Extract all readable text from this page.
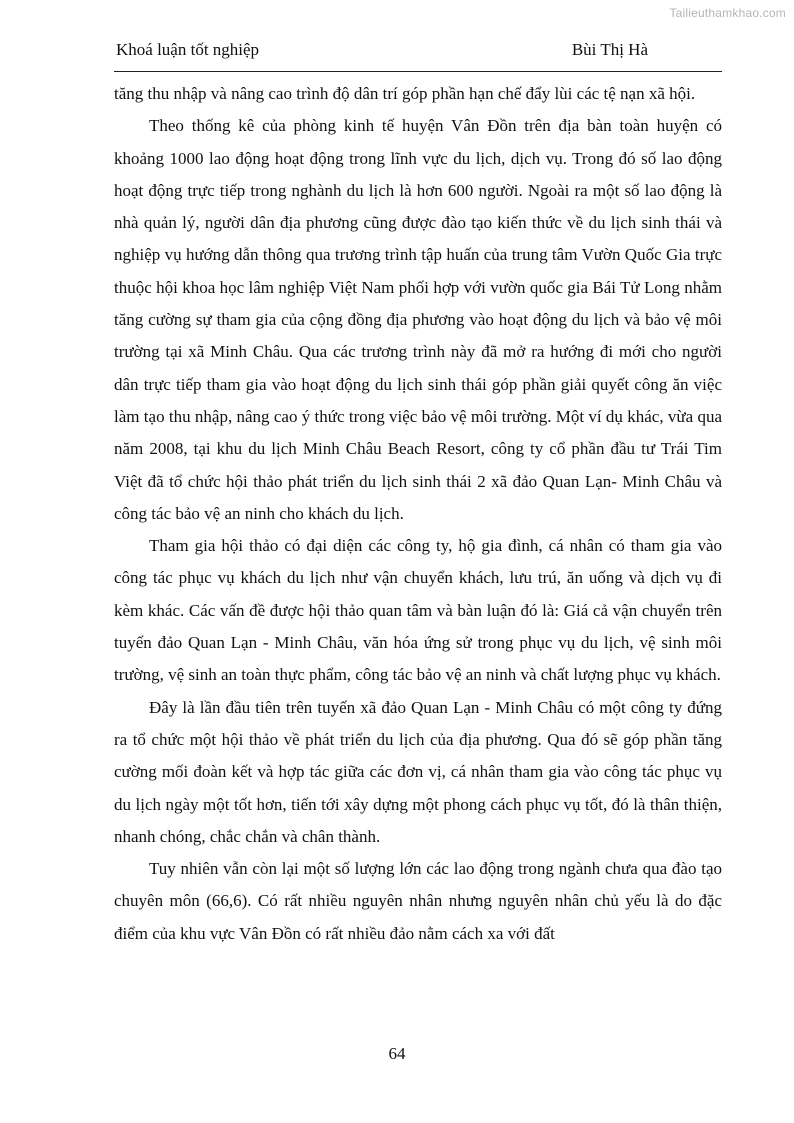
Tailieuthamkhao.com
Khoá luận tốt nghiệp	Bùi Thị Hà

tăng thu nhập và nâng cao trình độ dân trí góp phần hạn chế đẩy lùi các tệ nạn xã hội.

Theo thống kê của phòng kinh tế huyện Vân Đồn trên địa bàn toàn huyện có khoảng 1000 lao động hoạt động trong lĩnh vực du lịch, dịch vụ. Trong đó số lao động hoạt động trực tiếp trong nghành du lịch là hơn 600 người. Ngoài ra một số lao động là nhà quản lý, người dân địa phương cũng được đào tạo kiến thức về du lịch sinh thái và nghiệp vụ hướng dẫn thông qua trương trình tập huấn của trung tâm Vườn Quốc Gia trực thuộc hội khoa học lâm nghiệp Việt Nam phối hợp với vườn quốc gia Bái Tử Long nhằm tăng cường sự tham gia của cộng đồng địa phương vào hoạt động du lịch và bảo vệ môi trường tại xã Minh Châu. Qua các trương trình này đã mở ra hướng đi mới cho người dân trực tiếp tham gia vào hoạt động du lịch sinh thái góp phần giải quyết công ăn việc làm tạo thu nhập, nâng cao ý thức trong việc bảo vệ môi trường. Một ví dụ khác, vừa qua năm 2008, tại khu du lịch Minh Châu Beach Resort, công ty cổ phần đầu tư Trái Tim Việt đã tổ chức hội thảo phát triển du lịch sinh thái 2 xã đảo Quan Lạn- Minh Châu và công tác bảo vệ an ninh cho khách du lịch.

Tham gia hội thảo có đại diện các công ty, hộ gia đình, cá nhân có tham gia vào công tác phục vụ khách du lịch như vận chuyển khách, lưu trú, ăn uống và dịch vụ đi kèm khác. Các vấn đề được hội thảo quan tâm và bàn luận đó là: Giá cả vận chuyển trên tuyến đảo Quan Lạn - Minh Châu, văn hóa ứng sử trong phục vụ du lịch, vệ sinh môi trường, vệ sinh an toàn thực phẩm, công tác bảo vệ an ninh và chất lượng phục vụ khách.

Đây là lần đầu tiên trên tuyến xã đảo Quan Lạn - Minh Châu có một công ty đứng ra tổ chức một hội thảo về phát triển du lịch của địa phương. Qua đó sẽ góp phần tăng cường mối đoàn kết và hợp tác giữa các đơn vị, cá nhân tham gia vào công tác phục vụ du lịch ngày một tốt hơn, tiến tới xây dựng một phong cách phục vụ tốt, đó là thân thiện, nhanh chóng, chắc chắn và chân thành.

Tuy nhiên vẫn còn lại một số lượng lớn các lao động trong ngành chưa qua đào tạo chuyên môn (66,6). Có rất nhiều nguyên nhân nhưng nguyên nhân chủ yếu là do đặc điểm của khu vực Vân Đồn có rất nhiều đảo nằm cách xa với đất

64
